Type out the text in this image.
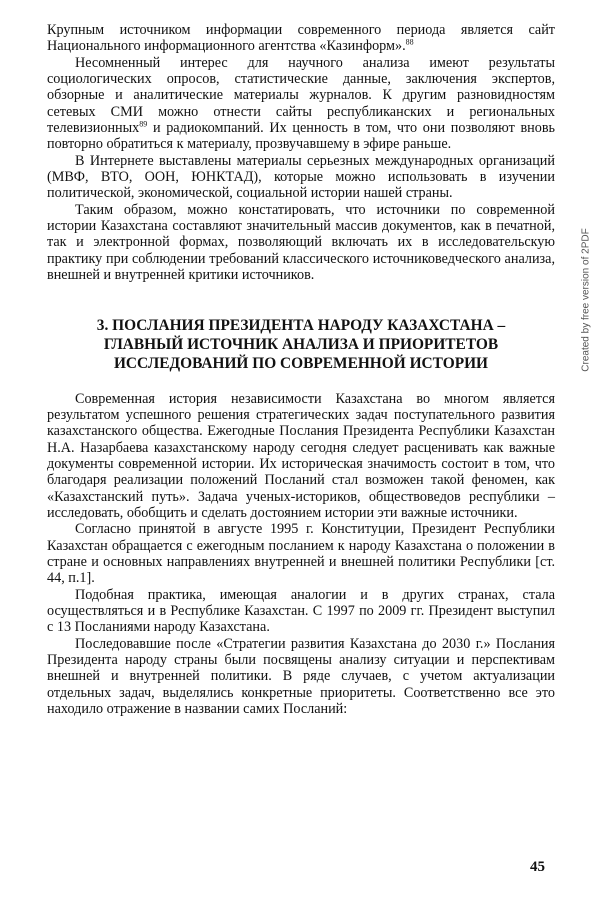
Крупным источником информации современного периода является сайт Национального информационного агентства «Казинформ».$^{88}$

Несомненный интерес для научного анализа имеют результаты социологических опросов, статистические данные, заключения экспертов, обзорные и аналитические материалы журналов. К другим разновидностям сетевых СМИ можно отнести сайты республиканских и региональных телевизионных$^{89}$ и радиокомпаний. Их ценность в том, что они позволяют вновь повторно обратиться к материалу, прозвучавшему в эфире раньше.

В Интернете выставлены материалы серьезных международных организаций (МВФ, ВТО, ООН, ЮНКТАД), которые можно использовать в изучении политической, экономической, социальной истории нашей страны.

Таким образом, можно констатировать, что источники по современной истории Казахстана составляют значительный массив документов, как в печатной, так и электронной формах, позволяющий включать их в исследовательскую практику при соблюдении требований классического источниковедческого анализа, внешней и внутренней критики источников.

3. ПОСЛАНИЯ ПРЕЗИДЕНТА НАРОДУ КАЗАХСТАНА –
ГЛАВНЫЙ ИСТОЧНИК АНАЛИЗА И ПРИОРИТЕТОВ
ИССЛЕДОВАНИЙ ПО СОВРЕМЕННОЙ ИСТОРИИ

Современная история независимости Казахстана во многом является результатом успешного решения стратегических задач поступательного развития казахстанского общества. Ежегодные Послания Президента Республики Казахстан Н.А. Назарбаева казахстанскому народу сегодня следует расценивать как важные документы современной истории. Их историческая значимость состоит в том, что благодаря реализации положений Посланий стал возможен такой феномен, как «Казахстанский путь». Задача ученых-историков, обществоведов республики – исследовать, обобщить и сделать достоянием истории эти важные источники.

Согласно принятой в августе 1995 г. Конституции, Президент Республики Казахстан обращается с ежегодным посланием к народу Казахстана о положении в стране и основных направлениях внутренней и внешней политики Республики [ст. 44, п.1].

Подобная практика, имеющая аналогии и в других странах, стала осуществляться и в Республике Казахстан. С 1997 по 2009 гг. Президент выступил с 13 Посланиями народу Казахстана.

Последовавшие после «Стратегии развития Казахстана до 2030 г.» Послания Президента народу страны были посвящены анализу ситуации и перспективам внешней и внутренней политики. В ряде случаев, с учетом актуализации отдельных задач, выделялись конкретные приоритеты. Соответственно все это находило отражение в названии самих Посланий:

45
Created by free version of 2PDF
